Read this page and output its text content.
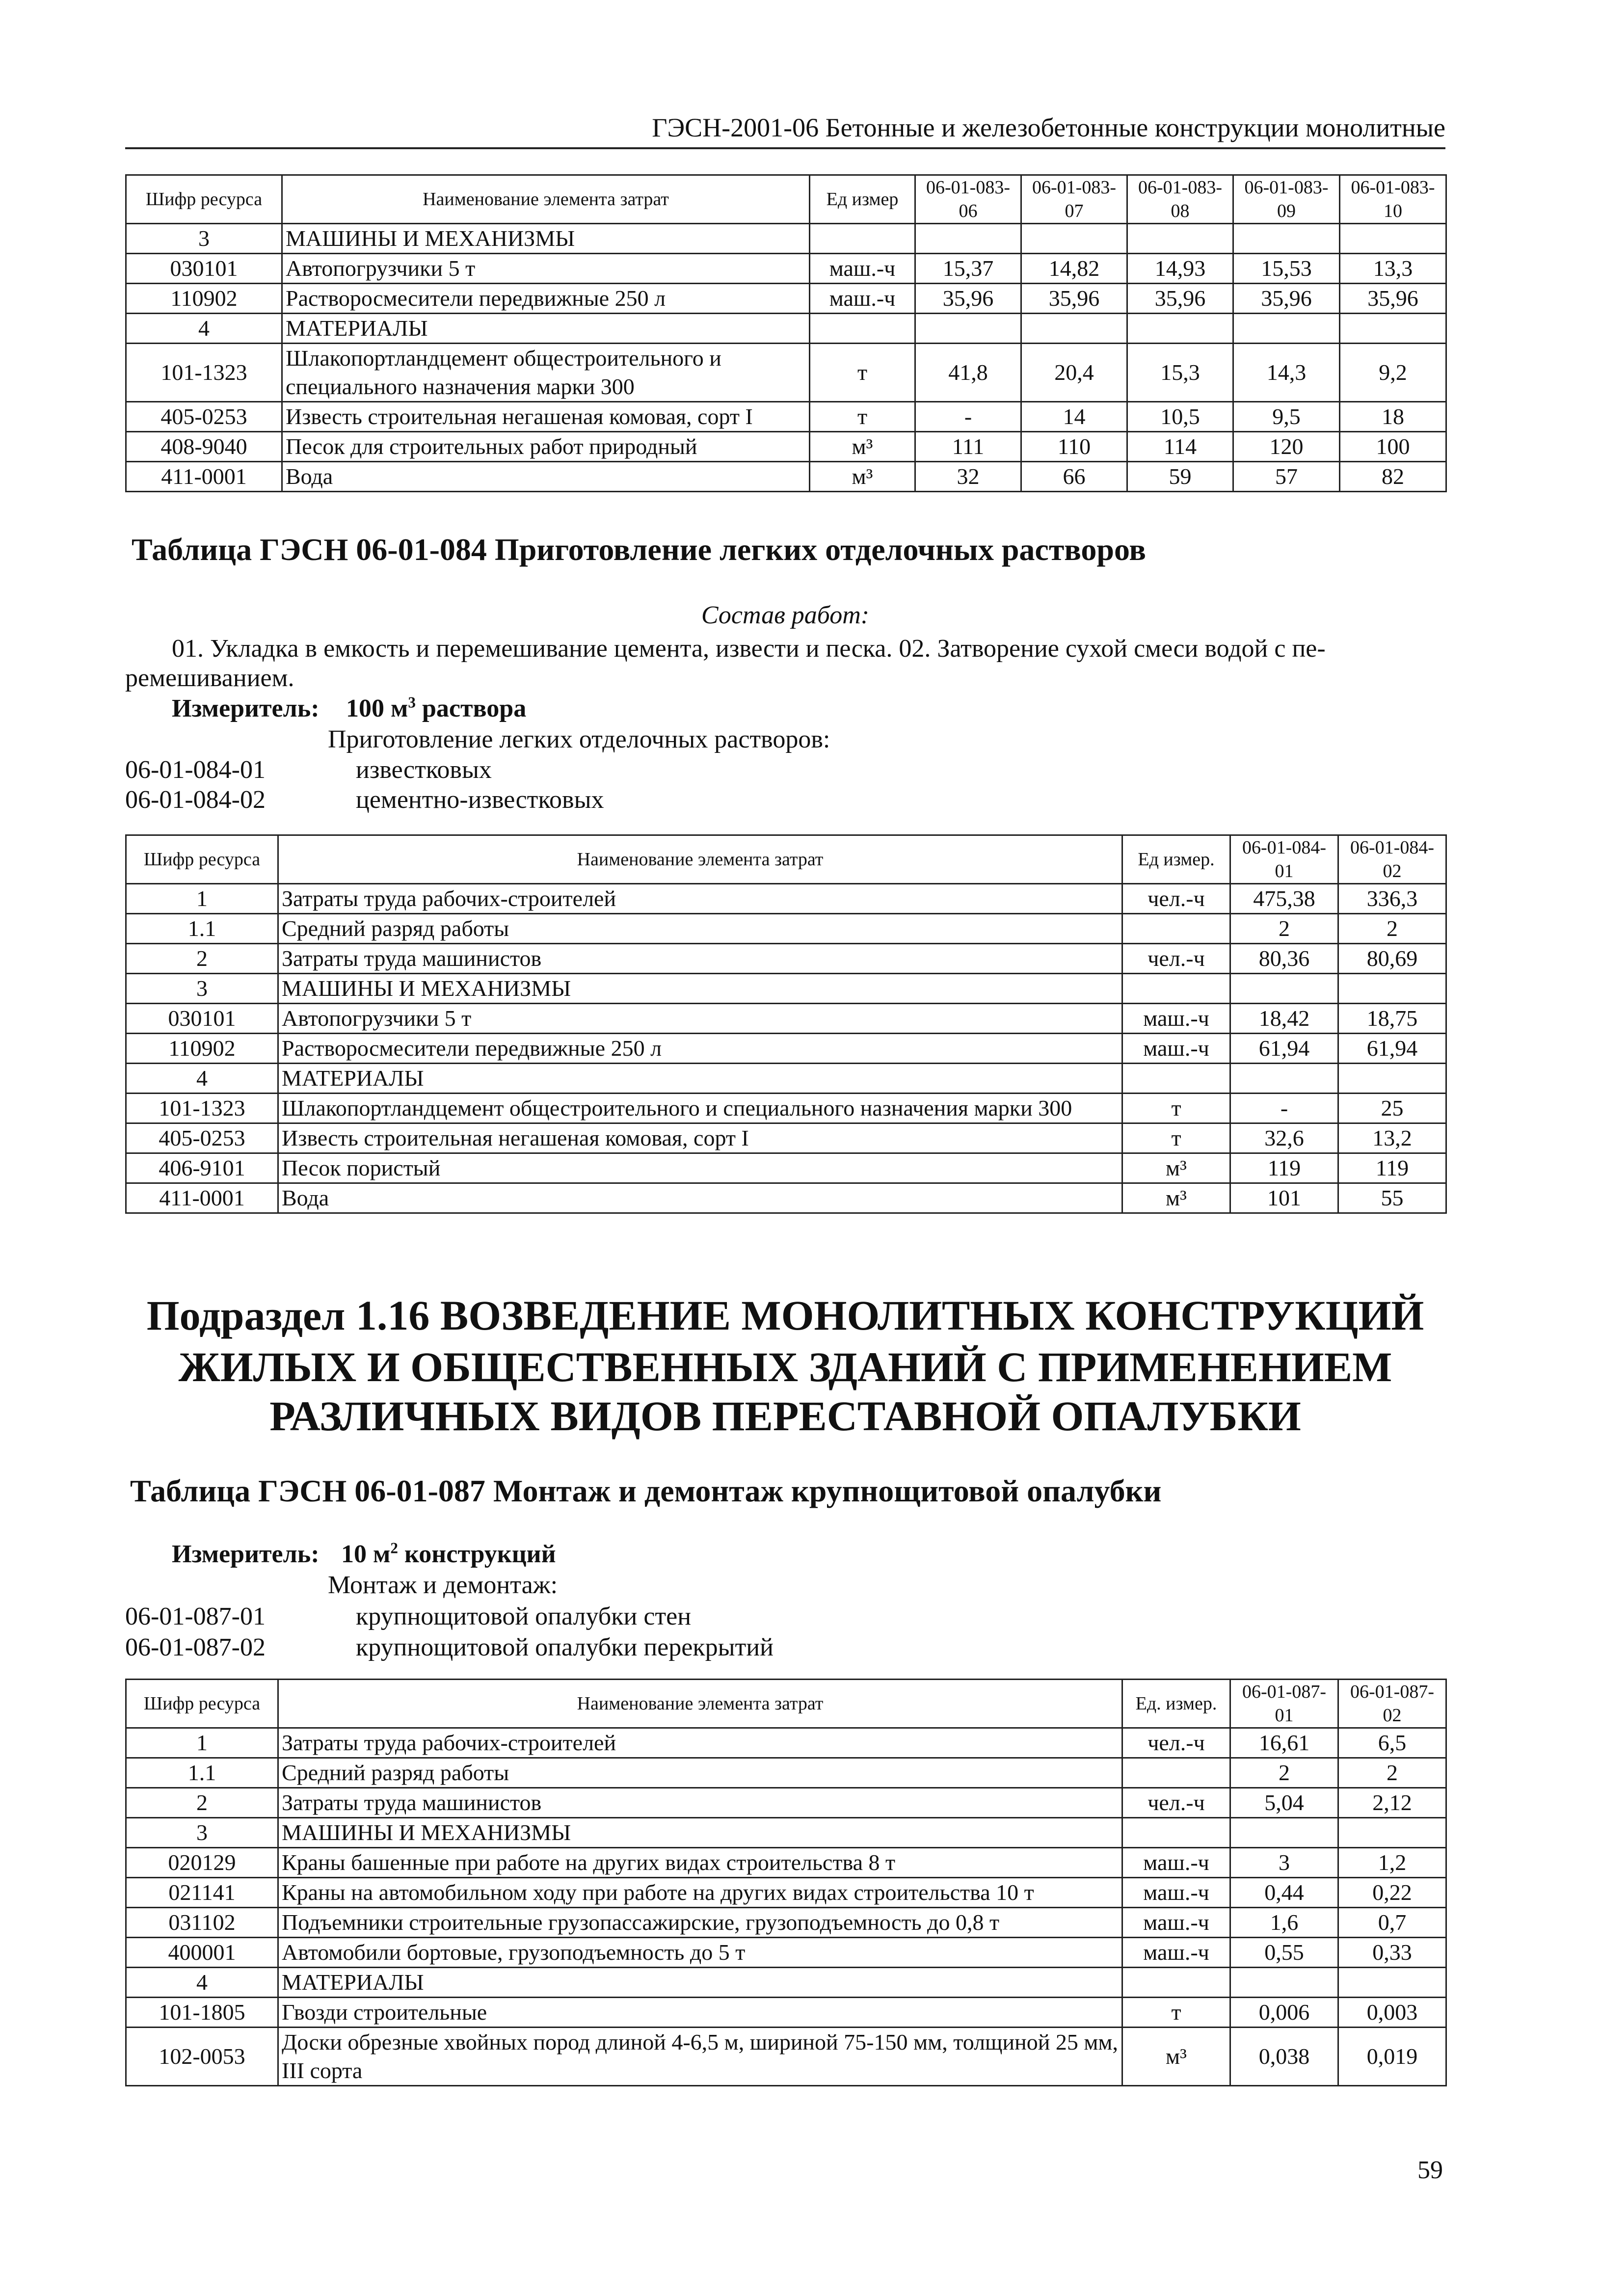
ГЭСН-2001-06 Бетонные и железобетонные конструкции монолитные
Шифр ресурса	Наименование элемента затрат	Ед измер	06-01-083-06	06-01-083-07	06-01-083-08	06-01-083-09	06-01-083-10
3	МАШИНЫ И МЕХАНИЗМЫ						
030101	Автопогрузчики 5 т	маш.-ч	15,37	14,82	14,93	15,53	13,3
110902	Растворосмесители передвижные 250 л	маш.-ч	35,96	35,96	35,96	35,96	35,96
4	МАТЕРИАЛЫ						
101-1323	Шлакопортландцемент общестроительного и специального назначения марки 300	т	41,8	20,4	15,3	14,3	9,2
405-0253	Известь строительная негашеная комовая, сорт I	т	-	14	10,5	9,5	18
408-9040	Песок для строительных работ природный	м³	111	110	114	120	100
411-0001	Вода	м³	32	66	59	57	82
Таблица ГЭСН 06-01-084 Приготовление легких отделочных растворов
Состав работ:
01. Укладка в емкость и перемешивание цемента, извести и песка. 02. Затворение сухой смеси водой с пе-
ремешиванием.
Измеритель: 100 $м^3$ раствора
Приготовление легких отделочных растворов:
06-01-084-01	известковых
06-01-084-02	цементно-известковых
Шифр ресурса	Наименование элемента затрат	Ед измер.	06-01-084-01	06-01-084-02
1	Затраты труда рабочих-строителей	чел.-ч	475,38	336,3
1.1	Средний разряд работы		2	2
2	Затраты труда машинистов	чел.-ч	80,36	80,69
3	МАШИНЫ И МЕХАНИЗМЫ			
030101	Автопогрузчики 5 т	маш.-ч	18,42	18,75
110902	Растворосмесители передвижные 250 л	маш.-ч	61,94	61,94
4	МАТЕРИАЛЫ			
101-1323	Шлакопортландцемент общестроительного и специального назначения марки 300	т	-	25
405-0253	Известь строительная негашеная комовая, сорт I	т	32,6	13,2
406-9101	Песок пористый	м³	119	119
411-0001	Вода	м³	101	55
Подраздел 1.16 ВОЗВЕДЕНИЕ МОНОЛИТНЫХ КОНСТРУКЦИЙ
ЖИЛЫХ И ОБЩЕСТВЕННЫХ ЗДАНИЙ С ПРИМЕНЕНИЕМ
РАЗЛИЧНЫХ ВИДОВ ПЕРЕСТАВНОЙ ОПАЛУБКИ
Таблица ГЭСН 06-01-087 Монтаж и демонтаж крупнощитовой опалубки
Измеритель: 10 $м^2$ конструкций
Монтаж и демонтаж:
06-01-087-01	крупнощитовой опалубки стен
06-01-087-02	крупнощитовой опалубки перекрытий
Шифр ресурса	Наименование элемента затрат	Ед. измер.	06-01-087-01	06-01-087-02
1	Затраты труда рабочих-строителей	чел.-ч	16,61	6,5
1.1	Средний разряд работы		2	2
2	Затраты труда машинистов	чел.-ч	5,04	2,12
3	МАШИНЫ И МЕХАНИЗМЫ			
020129	Краны башенные при работе на других видах строительства 8 т	маш.-ч	3	1,2
021141	Краны на автомобильном ходу при работе на других видах строительства 10 т	маш.-ч	0,44	0,22
031102	Подъемники строительные грузопассажирские, грузоподъемность до 0,8 т	маш.-ч	1,6	0,7
400001	Автомобили бортовые, грузоподъемность до 5 т	маш.-ч	0,55	0,33
4	МАТЕРИАЛЫ			
101-1805	Гвозди строительные	т	0,006	0,003
102-0053	Доски обрезные хвойных пород длиной 4-6,5 м, шириной 75-150 мм, толщиной 25 мм, III сорта	м³	0,038	0,019
59
